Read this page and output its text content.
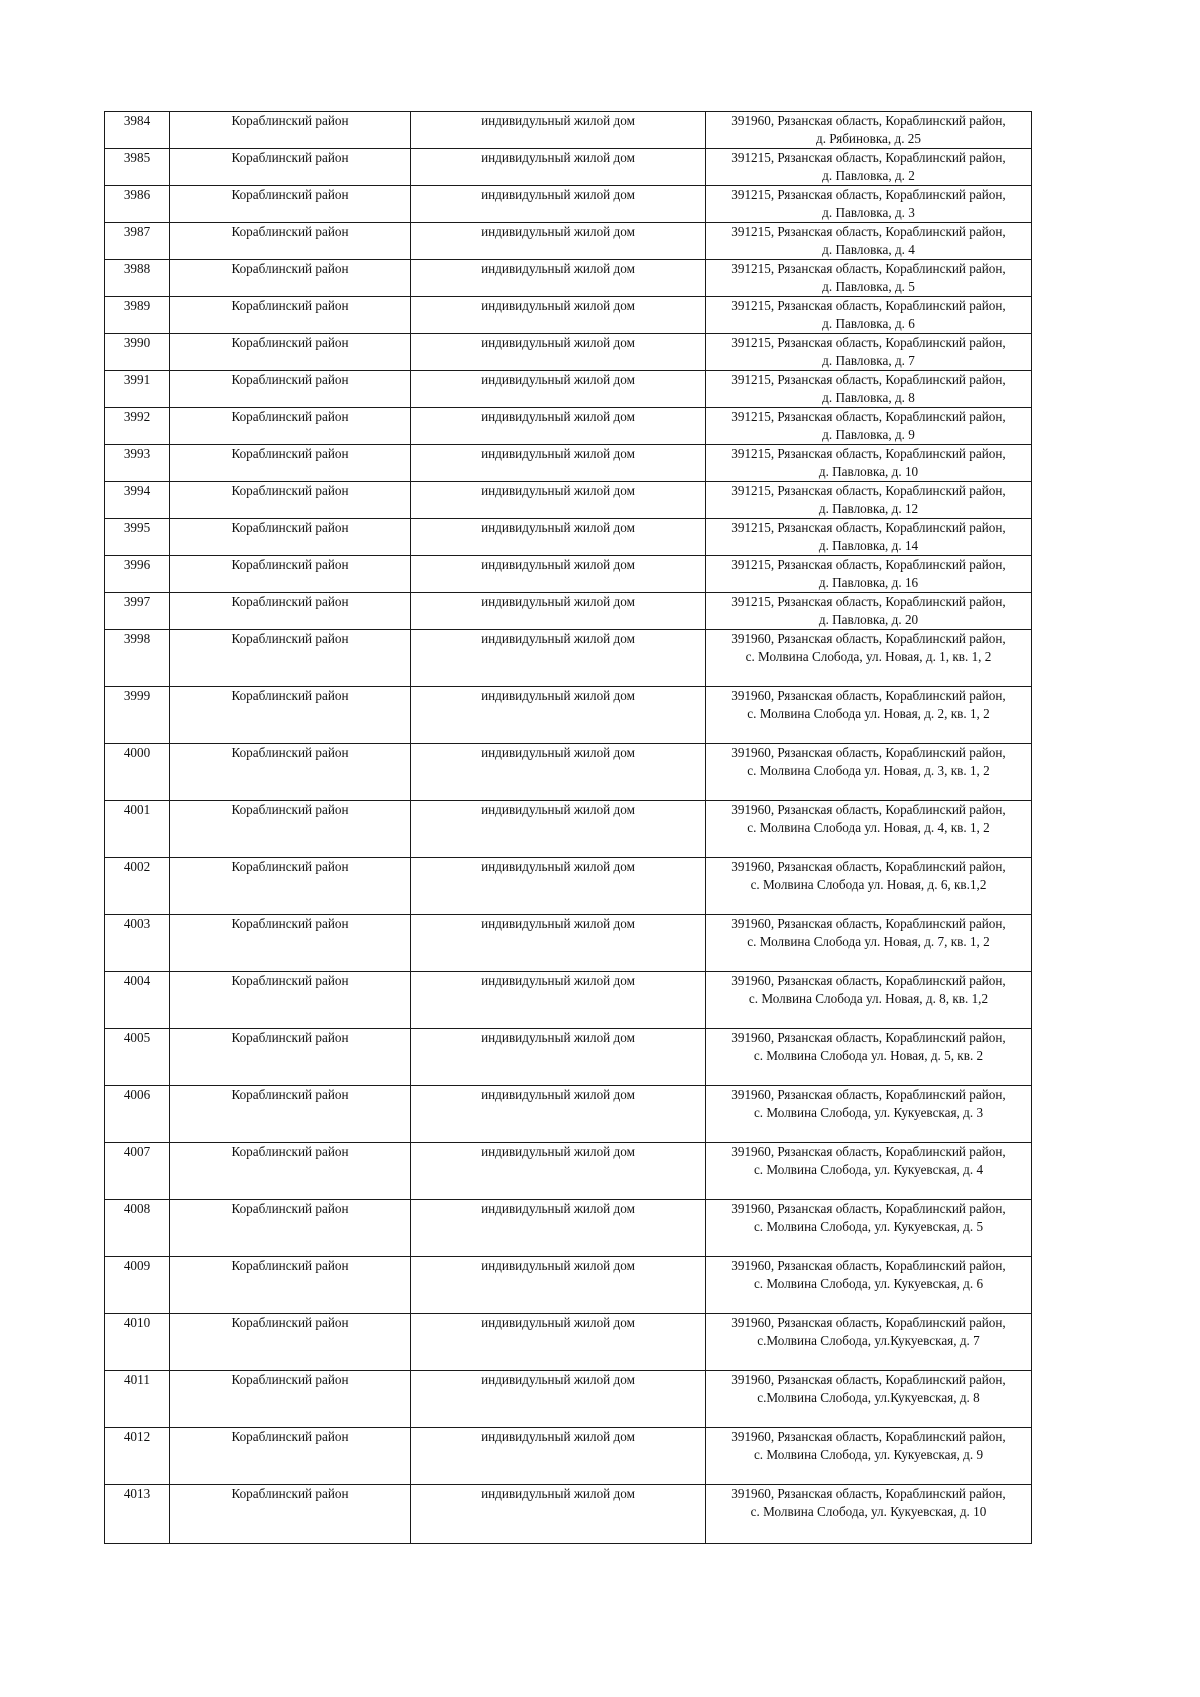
3984	Кораблинский район	индивидульный жилой дом	391960, Рязанская область, Кораблинский район,
д. Рябиновка, д. 25

3985	Кораблинский район	индивидульный жилой дом	391215, Рязанская область, Кораблинский район,
д. Павловка, д. 2

3986	Кораблинский район	индивидульный жилой дом	391215, Рязанская область, Кораблинский район,
д. Павловка, д. 3

3987	Кораблинский район	индивидульный жилой дом	391215, Рязанская область, Кораблинский район,
д. Павловка, д. 4

3988	Кораблинский район	индивидульный жилой дом	391215, Рязанская область, Кораблинский район,
д. Павловка, д. 5

3989	Кораблинский район	индивидульный жилой дом	391215, Рязанская область, Кораблинский район,
д. Павловка, д. 6

3990	Кораблинский район	индивидульный жилой дом	391215, Рязанская область, Кораблинский район,
д. Павловка, д. 7

3991	Кораблинский район	индивидульный жилой дом	391215, Рязанская область, Кораблинский район,
д. Павловка, д. 8

3992	Кораблинский район	индивидульный жилой дом	391215, Рязанская область, Кораблинский район,
д. Павловка, д. 9

3993	Кораблинский район	индивидульный жилой дом	391215, Рязанская область, Кораблинский район,
д. Павловка, д. 10

3994	Кораблинский район	индивидульный жилой дом	391215, Рязанская область, Кораблинский район,
д. Павловка, д. 12

3995	Кораблинский район	индивидульный жилой дом	391215, Рязанская область, Кораблинский район,
д. Павловка, д. 14

3996	Кораблинский район	индивидульный жилой дом	391215, Рязанская область, Кораблинский район,
д. Павловка, д. 16

3997	Кораблинский район	индивидульный жилой дом	391215, Рязанская область, Кораблинский район,
д. Павловка, д. 20

3998	Кораблинский район	индивидульный жилой дом	391960, Рязанская область, Кораблинский район,
с. Молвина Слобода, ул. Новая, д. 1, кв. 1, 2

3999	Кораблинский район	индивидульный жилой дом	391960, Рязанская область, Кораблинский район,
с. Молвина Слобода ул. Новая, д. 2, кв. 1, 2

4000	Кораблинский район	индивидульный жилой дом	391960, Рязанская область, Кораблинский район,
с. Молвина Слобода ул. Новая, д. 3, кв. 1, 2

4001	Кораблинский район	индивидульный жилой дом	391960, Рязанская область, Кораблинский район,
с. Молвина Слобода ул. Новая, д. 4, кв. 1, 2

4002	Кораблинский район	индивидульный жилой дом	391960, Рязанская область, Кораблинский район,
с. Молвина Слобода ул. Новая, д. 6, кв.1,2

4003	Кораблинский район	индивидульный жилой дом	391960, Рязанская область, Кораблинский район,
с. Молвина Слобода ул. Новая, д. 7, кв. 1, 2

4004	Кораблинский район	индивидульный жилой дом	391960, Рязанская область, Кораблинский район,
с. Молвина Слобода ул. Новая, д. 8, кв. 1,2

4005	Кораблинский район	индивидульный жилой дом	391960, Рязанская область, Кораблинский район,
с. Молвина Слобода ул. Новая, д. 5, кв. 2

4006	Кораблинский район	индивидульный жилой дом	391960, Рязанская область, Кораблинский район,
с. Молвина Слобода, ул. Кукуевская, д. 3

4007	Кораблинский район	индивидульный жилой дом	391960, Рязанская область, Кораблинский район,
с. Молвина Слобода, ул. Кукуевская, д. 4

4008	Кораблинский район	индивидульный жилой дом	391960, Рязанская область, Кораблинский район,
с. Молвина Слобода, ул. Кукуевская, д. 5

4009	Кораблинский район	индивидульный жилой дом	391960, Рязанская область, Кораблинский район,
с. Молвина Слобода, ул. Кукуевская, д. 6

4010	Кораблинский район	индивидульный жилой дом	391960, Рязанская область, Кораблинский район,
с.Молвина Слобода, ул.Кукуевская, д. 7

4011	Кораблинский район	индивидульный жилой дом	391960, Рязанская область, Кораблинский район,
с.Молвина Слобода, ул.Кукуевская, д. 8

4012	Кораблинский район	индивидульный жилой дом	391960, Рязанская область, Кораблинский район,
с. Молвина Слобода, ул. Кукуевская, д. 9

4013	Кораблинский район	индивидульный жилой дом	391960, Рязанская область, Кораблинский район,
с. Молвина Слобода, ул. Кукуевская, д. 10
